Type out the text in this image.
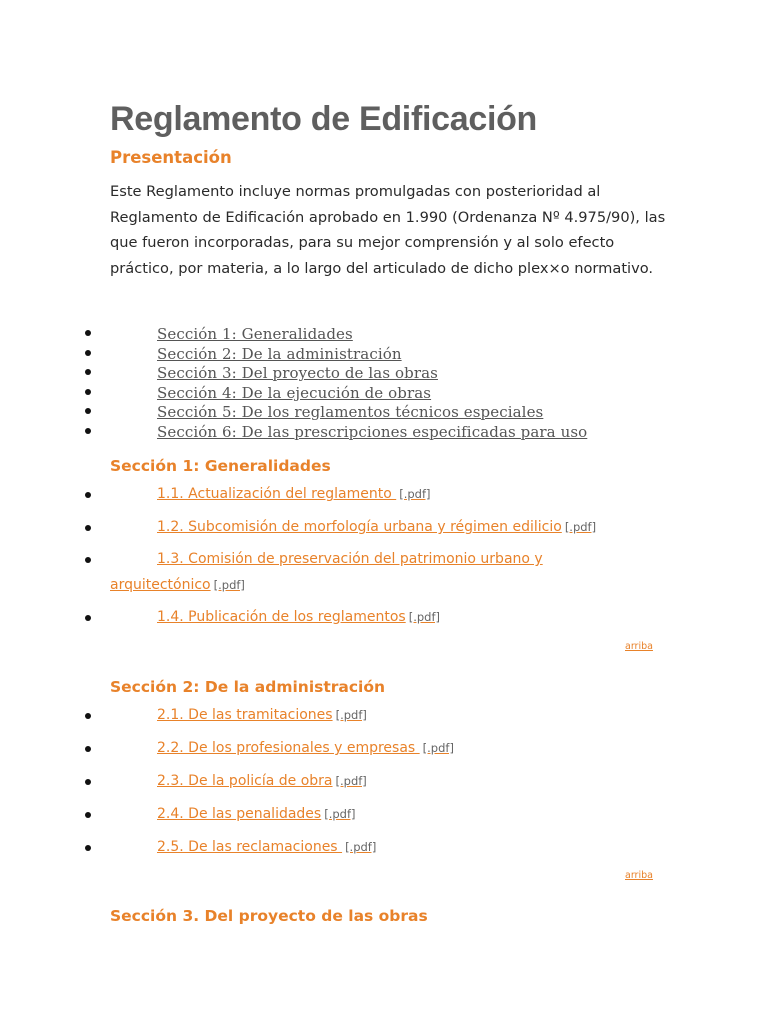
Reglamento de Edificación
Presentación

Este Reglamento incluye normas promulgadas con posterioridad al Reglamento de Edificación aprobado en 1.990 (Ordenanza Nº 4.975/90), las que fueron incorporadas, para su mejor comprensión y al solo efecto práctico, por materia, a lo largo del articulado de dicho plex×o normativo.

Sección 1: Generalidades
Sección 2: De la administración
Sección 3: Del proyecto de las obras
Sección 4: De la ejecución de obras
Sección 5: De los reglamentos técnicos especiales
Sección 6: De las prescripciones especificadas para uso
Sección 1: Generalidades
1.1. Actualización del reglamento [.pdf]
1.2. Subcomisión de morfología urbana y régimen edilicio [.pdf]
1.3. Comisión de preservación del patrimonio urbano y
arquitectónico [.pdf]
1.4. Publicación de los reglamentos [.pdf]
arriba
Sección 2: De la administración
2.1. De las tramitaciones [.pdf]
2.2. De los profesionales y empresas [.pdf]
2.3. De la policía de obra [.pdf]
2.4. De las penalidades [.pdf]
2.5. De las reclamaciones [.pdf]
arriba
Sección 3. Del proyecto de las obras
